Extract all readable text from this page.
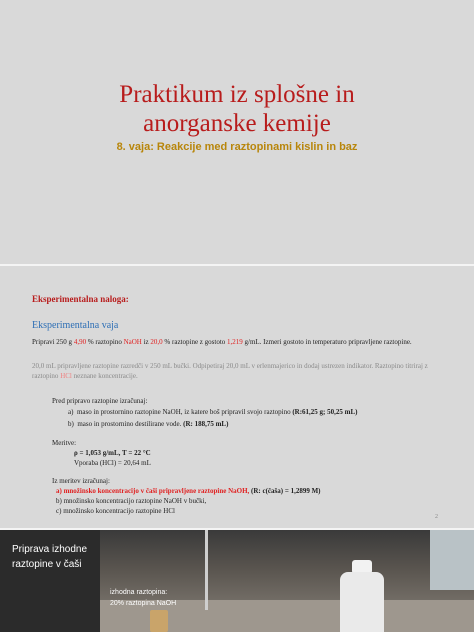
Praktikum iz splošne in
anorganske kemije
8. vaja: Reakcije med raztopinami kislin in baz
Eksperimentalna naloga:
Eksperimentalna vaja
Pripravi 250 g 4,90 % raztopino NaOH iz 20,0 % raztopine z gostoto 1,219 g/mL. Izmeri gostoto in temperaturo pripravljene raztopine.
20,0 mL pripravljene raztopine razredči v 250 mL bučki. Odpipetiraj 20,0 mL v erlenmajerico in dodaj ustrezen indikator. Raztopino titriraj z raztopino HCl neznane koncentracije.
Pred pripravo raztopine izračunaj:
a) maso in prostornino raztopine NaOH, iz katere boš pripravil svojo raztopino (R:61,25 g; 50,25 mL)
b) maso in prostornino destilirane vode. (R: 188,75 mL)
Meritve:
ρ = 1,053 g/mL, T = 22 °C
Vporaba (HCl) = 20,64 mL
Iz meritev izračunaj:
a) množinsko koncentracijo v čaši pripravljene raztopine NaOH, (R: c(čaša) = 1,2899 M)
b) množinsko koncentracijo raztopine NaOH v bučki,
c) množinsko koncentracijo raztopine HCl
2
Priprava izhodne
raztopine v čaši
izhodna raztopina:
20% raztopina NaOH
